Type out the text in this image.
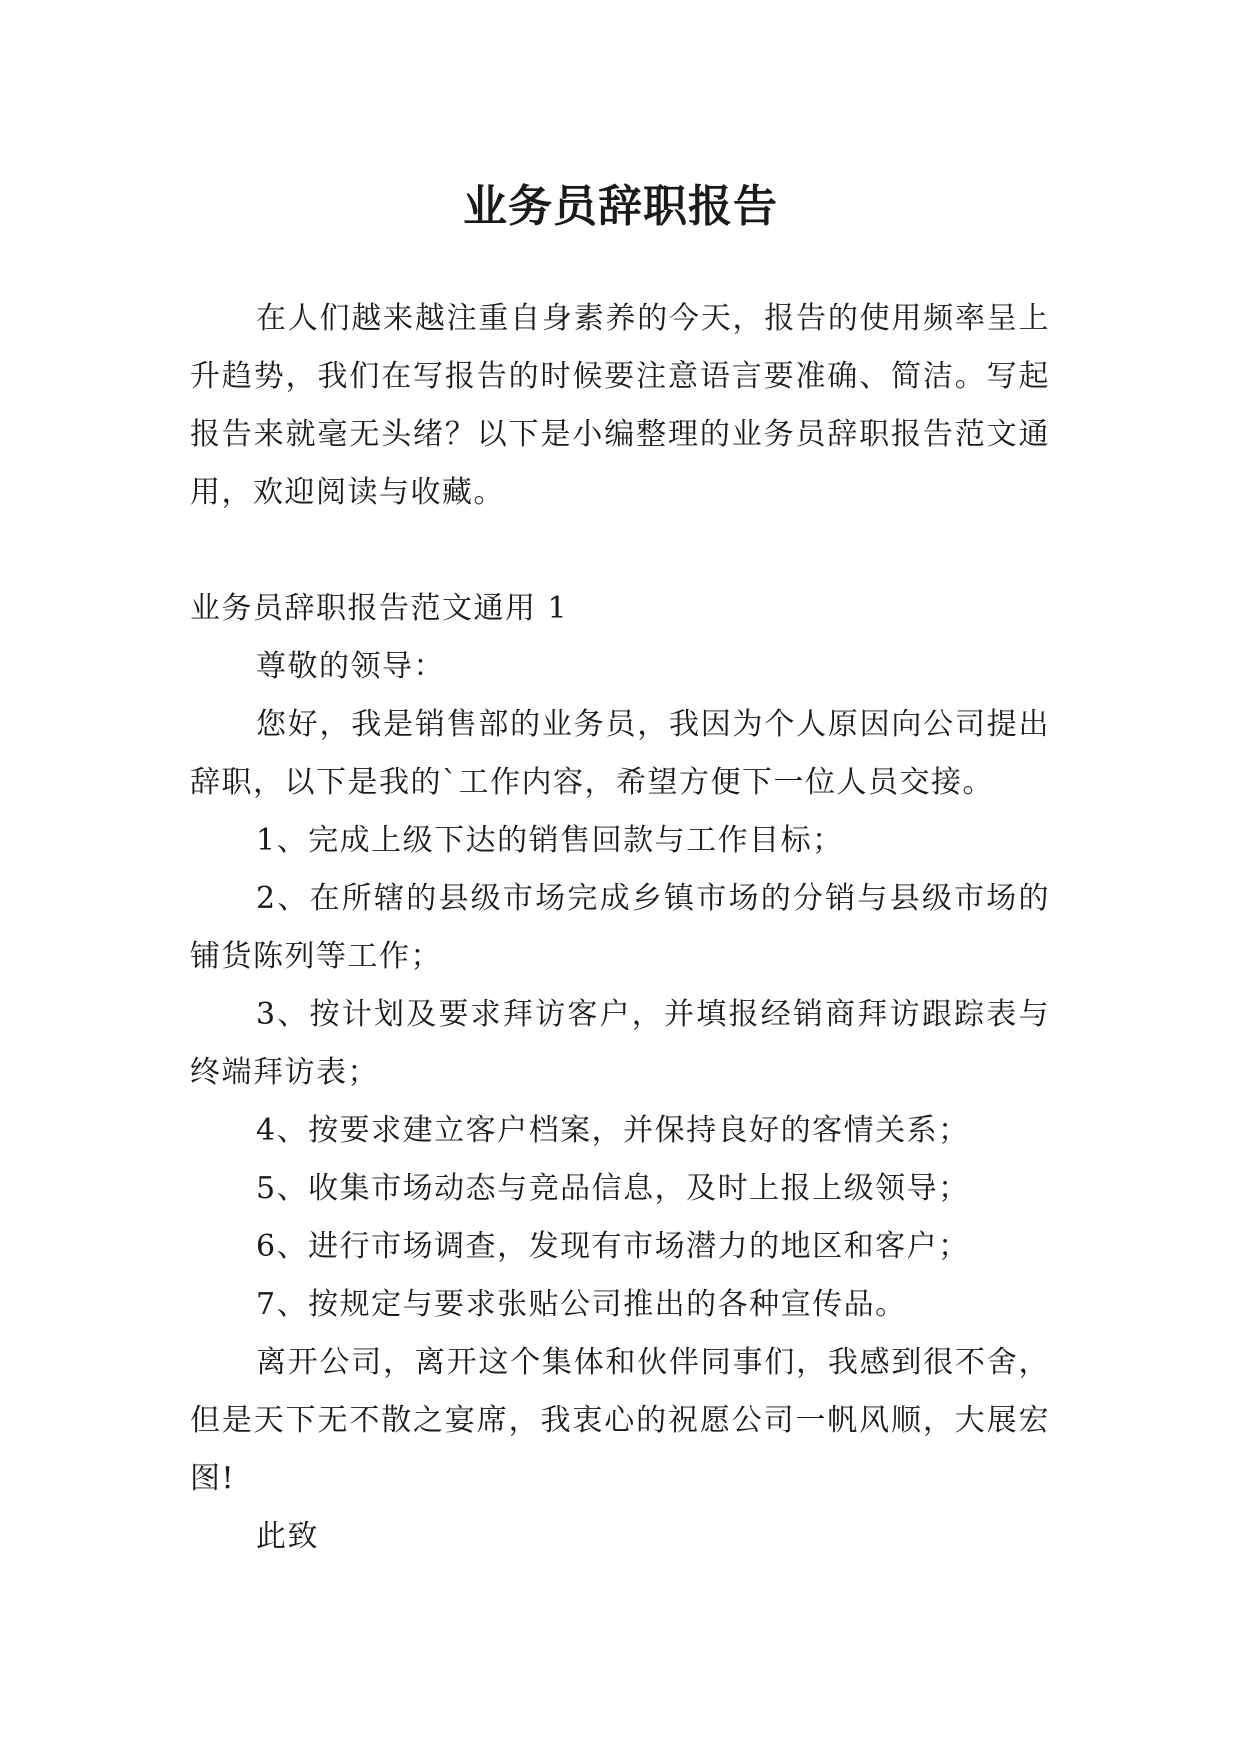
业务员辞职报告

在人们越来越注重自身素养的今天，报告的使用频率呈上升趋势，我们在写报告的时候要注意语言要准确、简洁。写起报告来就毫无头绪？以下是小编整理的业务员辞职报告范文通用，欢迎阅读与收藏。

业务员辞职报告范文通用 1

尊敬的领导：

您好，我是销售部的业务员，我因为个人原因向公司提出辞职，以下是我的`工作内容，希望方便下一位人员交接。

1、完成上级下达的销售回款与工作目标；

2、在所辖的县级市场完成乡镇市场的分销与县级市场的铺货陈列等工作；

3、按计划及要求拜访客户，并填报经销商拜访跟踪表与终端拜访表；

4、按要求建立客户档案，并保持良好的客情关系；

5、收集市场动态与竞品信息，及时上报上级领导；

6、进行市场调查，发现有市场潜力的地区和客户；

7、按规定与要求张贴公司推出的各种宣传品。

离开公司，离开这个集体和伙伴同事们，我感到很不舍，但是天下无不散之宴席，我衷心的祝愿公司一帆风顺，大展宏图!

此致
